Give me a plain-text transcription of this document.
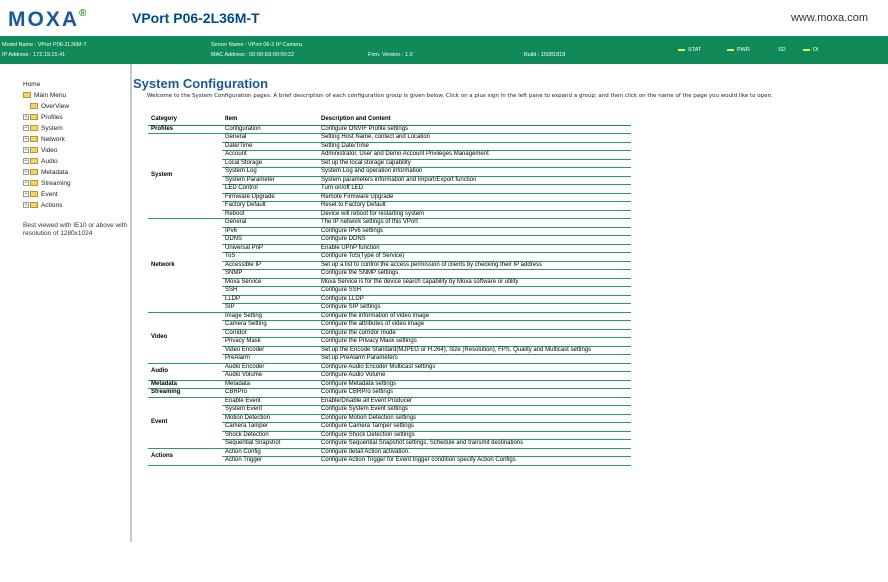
MOXA®	VPort P06-2L36M-T	www.moxa.com
Model Name : VPort P06-2L36M-T
IP Address : 172.19.15.41
Server Name : VPort 06-2 IP Camera
MAC Address : 00:90:E8:00:00:22	Firm. Version : 1.0	Build : 15081818
STAT	PWR	SD	DI
Home
Main Menu
OverView
+ Profiles
+ System
+ Network
+ Video
+ Audio
+ Metadata
+ Streaming
+ Event
+ Actions
Best viewed with IE10 or above with resolution of 1280x1024
System Configuration
Welcome to the System Configuration pages. A brief description of each configuration group is given below. Click on a plus sign in the left pane to expand a group; and then click on the name of the page you would like to open.
Category	Item	Description and Content
Profiles	Configuration	Configure ONVIF Profile settings
System	General	Setting Host Name, contect and Location
	Date/Time	Setting Date/Time
	Account	Administrator, User and Demo Account Privileges Management
	Local Storage	Set up the local storage capability
	System Log	System Log and operation information
	System Parameter	System parameters information and Import/Export function
	LED Control	Turn on/off LED
	Firmware Upgrade	Remote Firmware Upgrade
	Factory Default	Reset to Factory Default
	Reboot	Device will reboot for restarting system
Network	General	The IP network settings of this VPort
	IPv6	Configure IPv6 settings
	DDNS	Configure DDNS
	Universal PnP	Enable UPnP function
	ToS	Configure ToS(Type of Service)
	Accessible IP	Set up a list to control the access permission of clients by checking their IP address
	SNMP	Configure the SNMP settings
	Moxa Service	Moxa Service is for the device search capability by Moxa software or utility
	SSH	Configure SSH
	LLDP	Configure LLDP
	SIP	Configure SIP settings
Video	Image Setting	Configure the information of video image
	Camera Setting	Configure the attributes of video image
	Corridor	Configure the corridor mode
	Privacy Mask	Configure the Privacy Mask settings
	Video Encoder	Set up the Encode Standard(MJPEG or H.264), Size (Resolution), FPS, Quality and Multicast settings
	PreAlarm	Set up PreAlarm Parameters
Audio	Audio Encoder	Configure Audio Encoder Multicast settings
	Audio Volume	Configure Audio Volume
Metadata	Metadata	Configure Metadata settings
Streaming	CBRPro	Configure CBRPro settings
Event	Enable Event	Enable/Disable all Event Producer
	System Event	Configure System Event settings
	Motion Detection	Configure Motion Detection settings
	Camera Tamper	Configure Camera Tamper settings
	Shock Detection	Configure Shock Detection settings
	Sequential Snapshot	Configure Sequential Snapshot settings, Schedule and transmit destinations
Actions	Action Config	Configure detail Action activation.
	Action Trigger	Configure Action Trigger for Event trigger condition specify Action Configs
